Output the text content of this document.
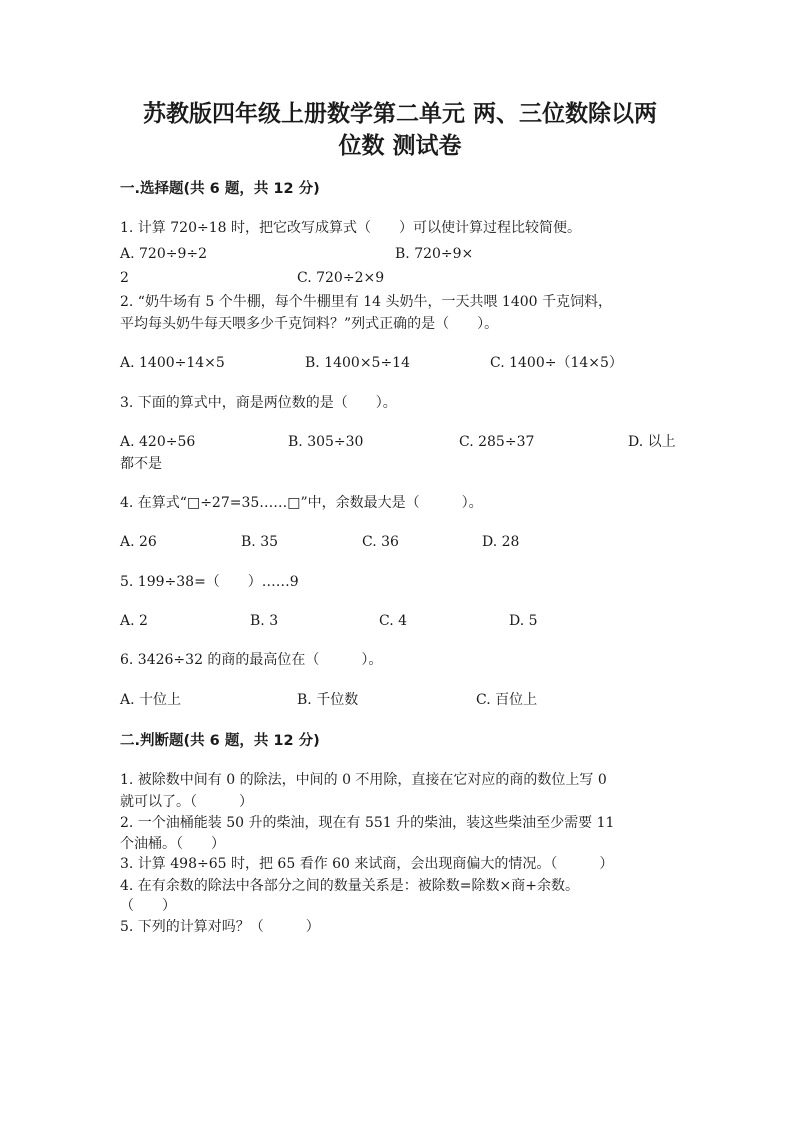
苏教版四年级上册数学第二单元 两、三位数除以两
位数 测试卷
一.选择题(共 6 题，共 12 分)
1. 计算 720÷18 时，把它改写成算式（　　）可以使计算过程比较简便。
A. 720÷9÷2	B. 720÷9×
2	C. 720÷2×9
2. “奶牛场有 5 个牛棚，每个牛棚里有 14 头奶牛，一天共喂 1400 千克饲料，
平均每头奶牛每天喂多少千克饲料？”列式正确的是（　　）。
A. 1400÷14×5	B. 1400×5÷14	C. 1400÷（14×5）
3. 下面的算式中，商是两位数的是（　　）。
A. 420÷56	B. 305÷30	C. 285÷37	D. 以上
都不是
4. 在算式“□÷27=35……□”中，余数最大是（　　　）。
A. 26	B. 35	C. 36	D. 28
5. 199÷38=（　　）……9
A. 2	B. 3	C. 4	D. 5
6. 3426÷32 的商的最高位在（　　　）。
A. 十位上	B. 千位数	C. 百位上
二.判断题(共 6 题，共 12 分)
1. 被除数中间有 0 的除法，中间的 0 不用除，直接在它对应的商的数位上写 0
就可以了。（　　　）
2. 一个油桶能装 50 升的柴油，现在有 551 升的柴油，装这些柴油至少需要 11
个油桶。（　　）
3. 计算 498÷65 时，把 65 看作 60 来试商，会出现商偏大的情况。（　　　）
4. 在有余数的除法中各部分之间的数量关系是：被除数=除数×商+余数。
（　　）
5. 下列的计算对吗？（　　　）
